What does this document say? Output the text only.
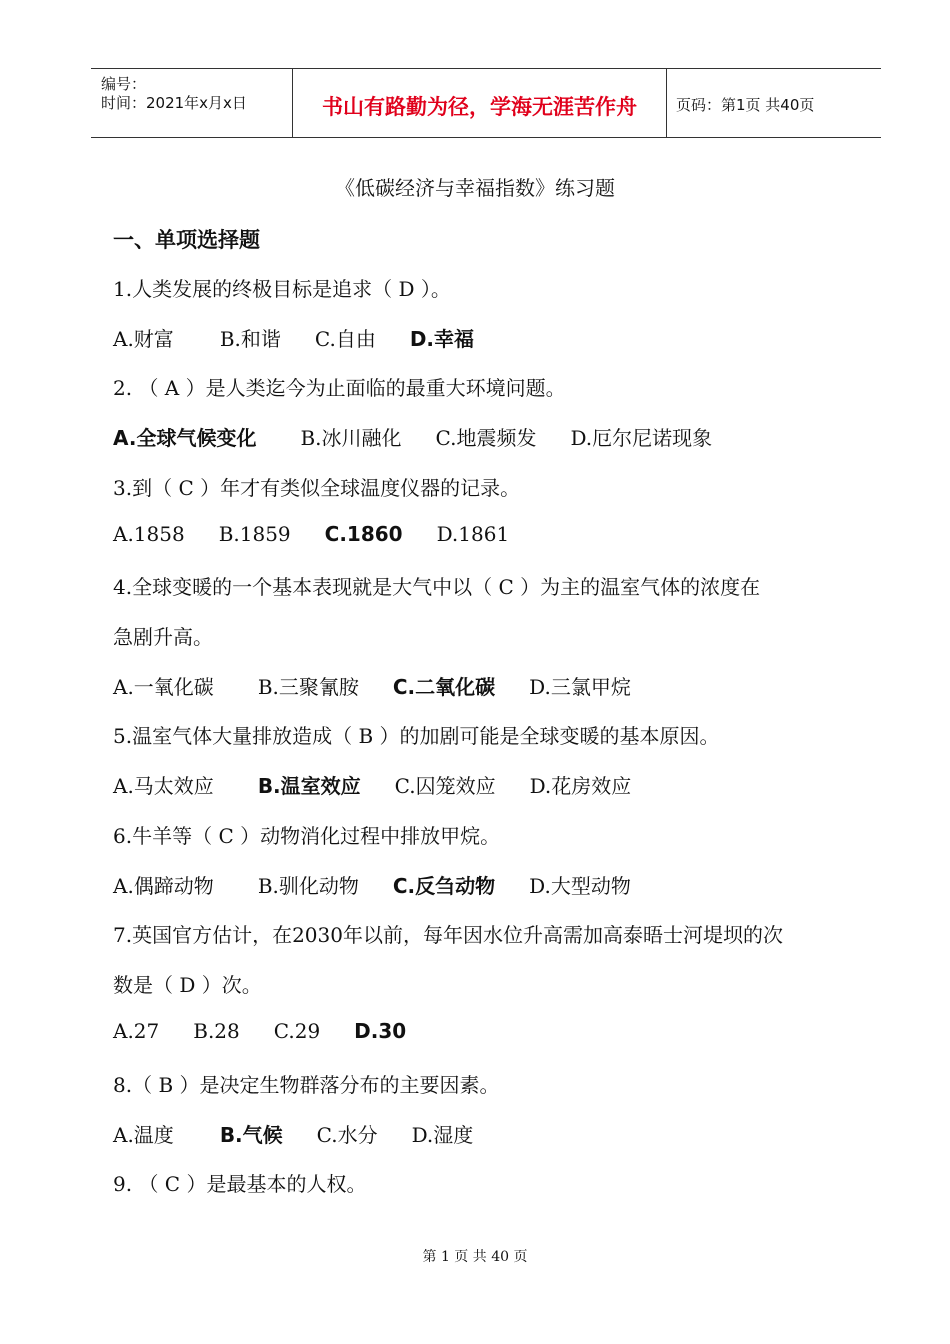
编号：
时间：2021年x月x日	书山有路勤为径，学海无涯苦作舟	页码：第1页 共40页
《低碳经济与幸福指数》练习题
一、单项选择题
1.人类发展的终极目标是追求（ D ）。
A.财富 B.和谐 C.自由 D.幸福
2. （ A ）是人类迄今为止面临的最重大环境问题。
A.全球气候变化 B.冰川融化 C.地震频发 D.厄尔尼诺现象
3.到（ C ）年才有类似全球温度仪器的记录。
A.1858 B.1859 C.1860 D.1861
4.全球变暖的一个基本表现就是大气中以（ C ）为主的温室气体的浓度在
急剧升高。
A.一氧化碳 B.三聚氰胺 C.二氧化碳 D.三氯甲烷
5.温室气体大量排放造成（ B ）的加剧可能是全球变暖的基本原因。
A.马太效应 B.温室效应 C.囚笼效应 D.花房效应
6.牛羊等（ C ）动物消化过程中排放甲烷。
A.偶蹄动物 B.驯化动物 C.反刍动物 D.大型动物
7.英国官方估计，在2030年以前，每年因水位升高需加高泰晤士河堤坝的次
数是（ D ）次。
A.27 B.28 C.29 D.30
8.（ B ）是决定生物群落分布的主要因素。
A.温度 B.气候 C.水分 D.湿度
9. （ C ）是最基本的人权。
第 1 页 共 40 页
